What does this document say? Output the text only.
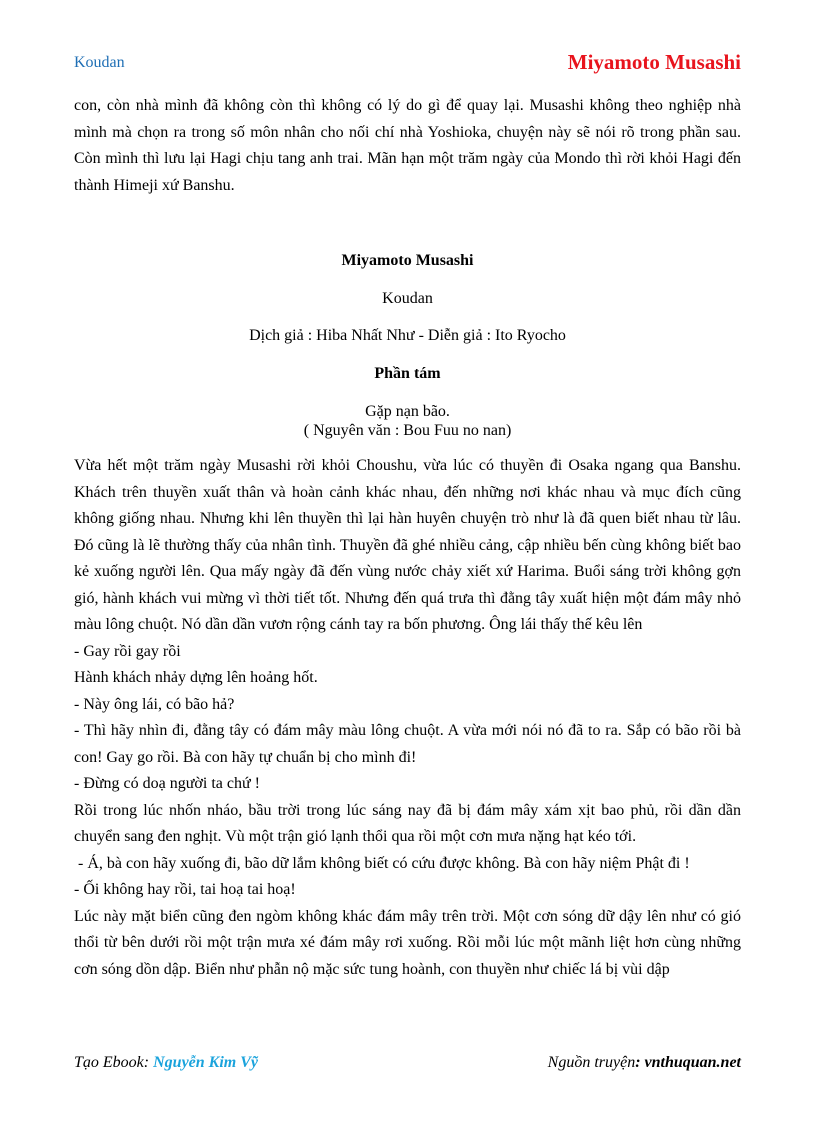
Koudan	Miyamoto Musashi

con, còn nhà mình đã không còn thì không có lý do gì để quay lại. Musashi không theo nghiệp nhà mình mà chọn ra trong số môn nhân cho nối chí nhà Yoshioka, chuyện này sẽ nói rõ trong phần sau. Còn mình thì lưu lại Hagi chịu tang anh trai. Mãn hạn một trăm ngày của Mondo thì rời khỏi Hagi đến thành Himeji xứ Banshu.

Miyamoto Musashi

Koudan

Dịch giả : Hiba Nhất Như - Diễn giả : Ito Ryocho

Phần tám

Gặp nạn bão.

( Nguyên văn : Bou Fuu no nan)

Vừa hết một trăm ngày Musashi rời khỏi Choushu, vừa lúc có thuyền đi Osaka ngang qua Banshu. Khách trên thuyền xuất thân và hoàn cảnh khác nhau, đến những nơi khác nhau và mục đích cũng không giống nhau. Nhưng khi lên thuyền thì lại hàn huyên chuyện trò như là đã quen biết nhau từ lâu. Đó cũng là lẽ thường thấy của nhân tình. Thuyền đã ghé nhiều cảng, cập nhiều bến cùng không biết bao kẻ xuống người lên. Qua mấy ngày đã đến vùng nước chảy xiết xứ Harima. Buổi sáng trời không gợn gió, hành khách vui mừng vì thời tiết tốt. Nhưng đến quá trưa thì đằng tây xuất hiện một đám mây nhỏ màu lông chuột. Nó dần dần vươn rộng cánh tay ra bốn phương. Ông lái thấy thế kêu lên

- Gay rồi gay rồi

Hành khách nhảy dựng lên hoảng hốt.

- Này ông lái, có bão hả?

- Thì hãy nhìn đi, đằng tây có đám mây màu lông chuột. A vừa mới nói nó đã to ra. Sắp có bão rồi bà con! Gay go rồi. Bà con hãy tự chuẩn bị cho mình đi!

- Đừng có doạ người ta chứ !

Rồi trong lúc nhốn nháo, bầu trời trong lúc sáng nay đã bị đám mây xám xịt bao phủ, rồi dần dần chuyển sang đen nghịt. Vù một trận gió lạnh thổi qua rồi một cơn mưa nặng hạt kéo tới.

- Á, bà con hãy xuống đi, bão dữ lắm không biết có cứu được không. Bà con hãy niệm Phật đi !

- Ối không hay rồi, tai hoạ tai hoạ!

Lúc này mặt biển cũng đen ngòm không khác đám mây trên trời. Một cơn sóng dữ dậy lên như có gió thổi từ bên dưới rồi một trận mưa xé đám mây rơi xuống. Rồi mỗi lúc một mãnh liệt hơn cùng những cơn sóng dồn dập. Biển như phẫn nộ mặc sức tung hoành, con thuyền như chiếc lá bị vùi dập

Tạo Ebook: Nguyễn Kim Vỹ	Nguồn truyện: vnthuquan.net
